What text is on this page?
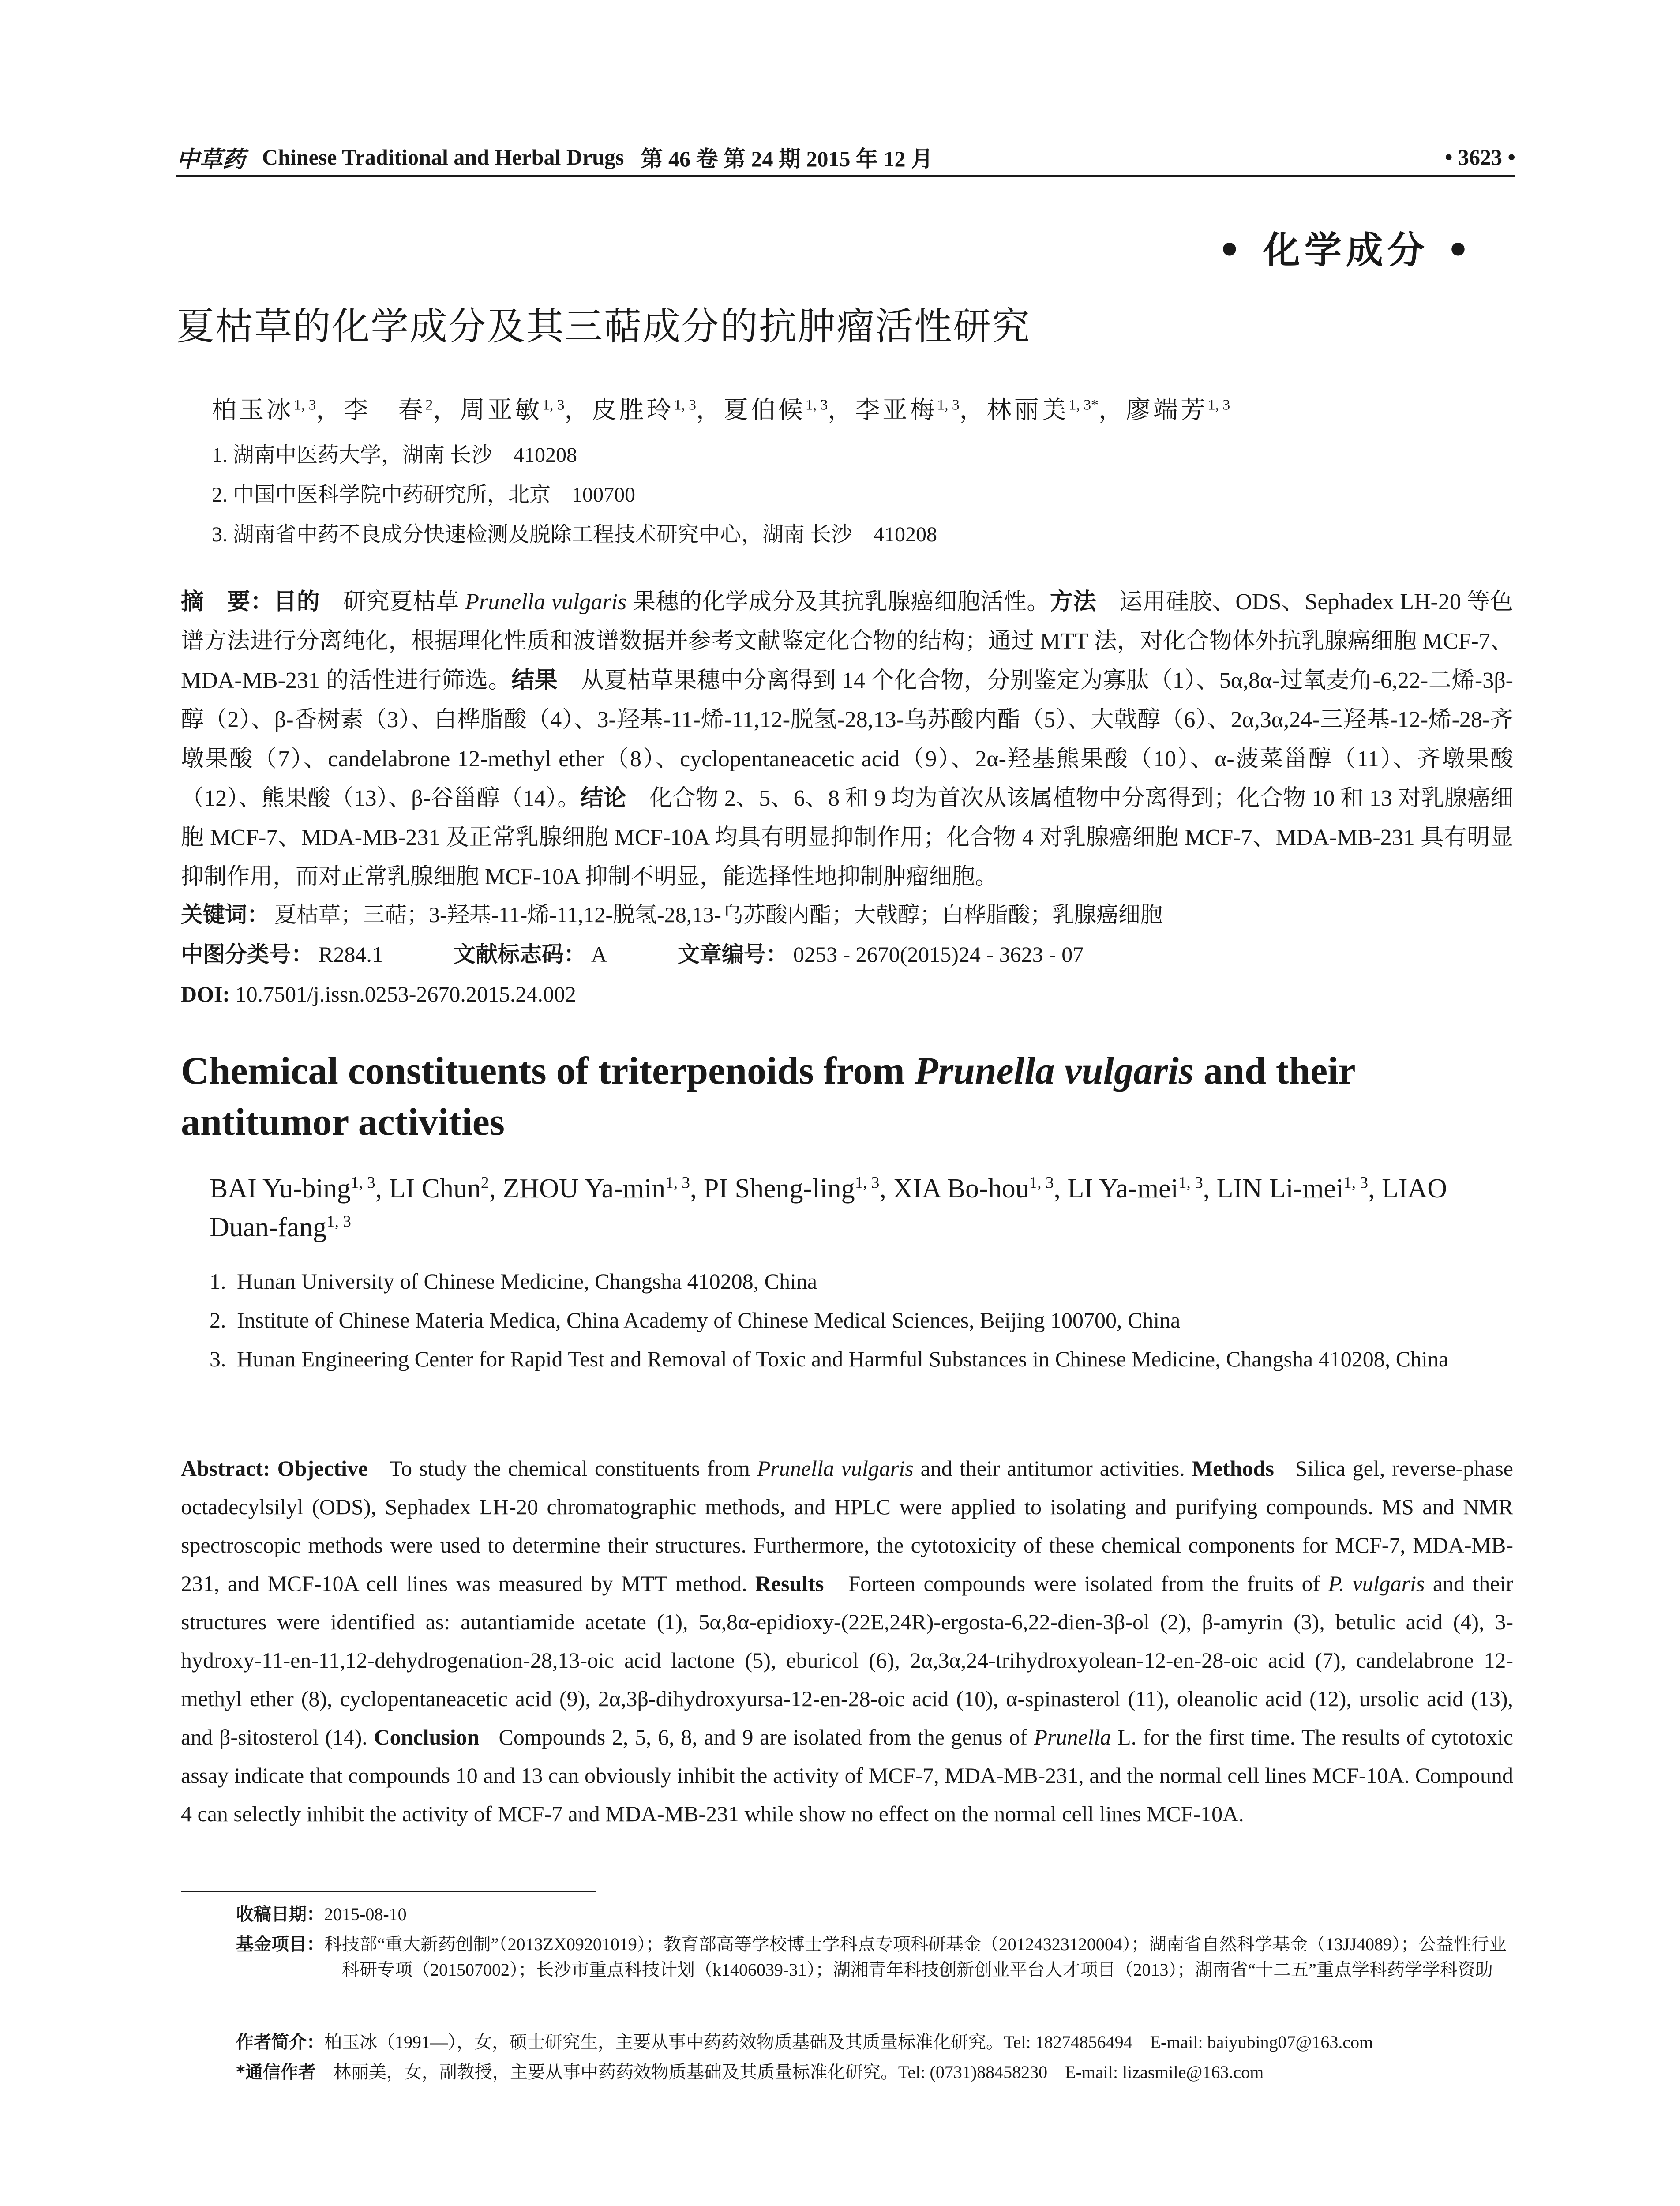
中草药 Chinese Traditional and Herbal Drugs 第 46 卷 第 24 期 2015 年 12 月	• 3623 •
• 化学成分 •
夏枯草的化学成分及其三萜成分的抗肿瘤活性研究
柏玉冰$^{1, 3}$，李　春$^2$，周亚敏$^{1, 3}$，皮胜玲$^{1, 3}$，夏伯候$^{1, 3}$，李亚梅$^{1, 3}$，林丽美$^{1, 3*}$，廖端芳$^{1, 3}$
1. 湖南中医药大学，湖南 长沙　410208
2. 中国中医科学院中药研究所，北京　100700
3. 湖南省中药不良成分快速检测及脱除工程技术研究中心，湖南 长沙　410208
摘　要：目的　 研究夏枯草 Prunella vulgaris 果穗的化学成分及其抗乳腺癌细胞活性。方法　 运用硅胶、ODS、Sephadex LH-20 等色谱方法进行分离纯化，根据理化性质和波谱数据并参考文献鉴定化合物的结构；通过 MTT 法，对化合物体外抗乳腺癌细胞 MCF-7、MDA-MB-231 的活性进行筛选。结果　 从夏枯草果穗中分离得到 14 个化合物，分别鉴定为寡肽（1）、5α,8α-过氧麦角-6,22-二烯-3β-醇（2）、β-香树素（3）、白桦脂酸（4）、3-羟基-11-烯-11,12-脱氢-28,13-乌苏酸内酯（5）、大戟醇（6）、2α,3α,24-三羟基-12-烯-28-齐墩果酸（7）、candelabrone 12-methyl ether（8）、cyclopentaneacetic acid（9）、2α-羟基熊果酸（10）、α-菠菜甾醇（11）、齐墩果酸（12）、熊果酸（13）、β-谷甾醇（14）。结论　 化合物 2、5、6、8 和 9 均为首次从该属植物中分离得到；化合物 10 和 13 对乳腺癌细胞 MCF-7、MDA-MB-231 及正常乳腺细胞 MCF-10A 均具有明显抑制作用；化合物 4 对乳腺癌细胞 MCF-7、MDA-MB-231 具有明显抑制作用，而对正常乳腺细胞 MCF-10A 抑制不明显，能选择性地抑制肿瘤细胞。
关键词： 夏枯草；三萜；3-羟基-11-烯-11,12-脱氢-28,13-乌苏酸内酯；大戟醇；白桦脂酸；乳腺癌细胞
中图分类号： R284.1	文献标志码： A	文章编号： 0253 - 2670(2015)24 - 3623 - 07
DOI: 10.7501/j.issn.0253-2670.2015.24.002
Chemical constituents of triterpenoids from Prunella vulgaris and their antitumor activities
BAI Yu-bing$^{1, 3}$, LI Chun$^2$, ZHOU $Ya-\min^{1, 3}$, PI Sheng-ling$^{1, 3}$, XIA Bo-hou$^{1, 3}$, LI Ya-mei$^{1, 3}$, LIN Li-mei$^{1, 3}$, LIAO Duan-fang$^{1, 3}$
1. Hunan University of Chinese Medicine, Changsha 410208, China
2. Institute of Chinese Materia Medica, China Academy of Chinese Medical Sciences, Beijing 100700, China
3. Hunan Engineering Center for Rapid Test and Removal of Toxic and Harmful Substances in Chinese Medicine, Changsha 410208, China
Abstract: Objective To study the chemical constituents from Prunella vulgaris and their antitumor activities. Methods Silica gel, reverse-phase octadecylsilyl (ODS), Sephadex LH-20 chromatographic methods, and HPLC were applied to isolating and purifying compounds. MS and NMR spectroscopic methods were used to determine their structures. Furthermore, the cytotoxicity of these chemical components for MCF-7, MDA-MB-231, and MCF-10A cell lines was measured by MTT method. Results Forteen compounds were isolated from the fruits of P. vulgaris and their structures were identified as: autantiamide acetate (1), 5α,8α-epidioxy-(22E,24R)-ergosta-6,22-dien-3β-ol (2), β-amyrin (3), betulic acid (4), 3-hydroxy-11-en-11,12-dehydrogenation-28,13-oic acid lactone (5), eburicol (6), 2α,3α,24-trihydroxyolean-12-en-28-oic acid (7), candelabrone 12-methyl ether (8), cyclopentaneacetic acid (9), 2α,3β-dihydroxyursa-12-en-28-oic acid (10), α-spinasterol (11), oleanolic acid (12), ursolic acid (13), and β-sitosterol (14). Conclusion Compounds 2, 5, 6, 8, and 9 are isolated from the genus of Prunella L. for the first time. The results of cytotoxic assay indicate that compounds 10 and 13 can obviously inhibit the activity of MCF-7, MDA-MB-231, and the normal cell lines MCF-10A. Compound 4 can selectly inhibit the activity of MCF-7 and MDA-MB-231 while show no effect on the normal cell lines MCF-10A.
收稿日期：2015-08-10
基金项目：科技部“重大新药创制”（2013ZX09201019）；教育部高等学校博士学科点专项科研基金（20124323120004）；湖南省自然科学基金（13JJ4089）；公益性行业科研专项（201507002）；长沙市重点科技计划（k1406039-31）；湖湘青年科技创新创业平台人才项目（2013）；湖南省“十二五”重点学科药学学科资助
作者简介：柏玉冰（1991—），女，硕士研究生，主要从事中药药效物质基础及其质量标准化研究。Tel: 18274856494　E-mail: baiyubing07@163.com
*通信作者　 林丽美，女，副教授，主要从事中药药效物质基础及其质量标准化研究。Tel: (0731)88458230　E-mail: lizasmile@163.com
